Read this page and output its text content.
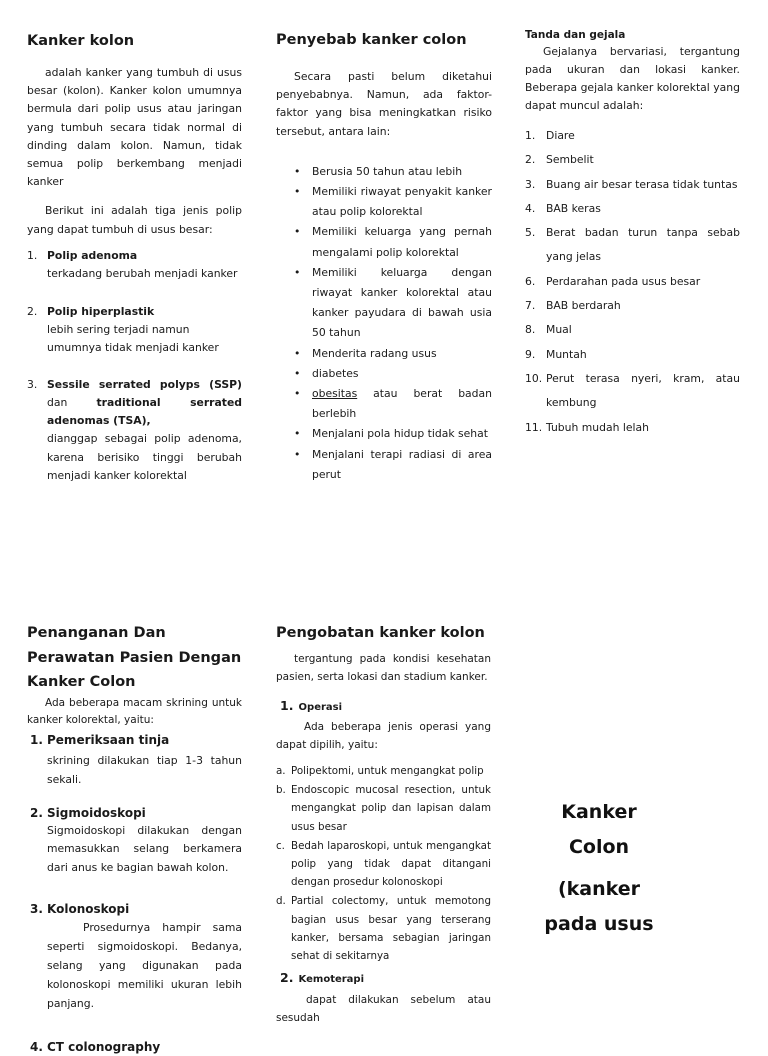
Kanker kolon

adalah kanker yang tumbuh di usus besar (kolon). Kanker kolon umumnya bermula dari polip usus atau jaringan yang tumbuh secara tidak normal di dinding dalam kolon. Namun, tidak semua polip berkembang menjadi kanker

Berikut ini adalah tiga jenis polip yang dapat tumbuh di usus besar:

1. Polip adenoma
terkadang berubah menjadi kanker
2. Polip hiperplastik
lebih sering terjadi namun umumnya tidak menjadi kanker
3. Sessile serrated polyps (SSP) dan traditional serrated adenomas (TSA),
dianggap sebagai polip adenoma, karena berisiko tinggi berubah menjadi kanker kolorektal
Penyebab kanker colon

Secara pasti belum diketahui penyebabnya. Namun, ada faktor-faktor yang bisa meningkatkan risiko tersebut, antara lain:

• Berusia 50 tahun atau lebih
• Memiliki riwayat penyakit kanker atau polip kolorektal
• Memiliki keluarga yang pernah mengalami polip kolorektal
• Memiliki keluarga dengan riwayat kanker kolorektal atau kanker payudara di bawah usia 50 tahun
• Menderita radang usus
• diabetes
• obesitas atau berat badan berlebih
• Menjalani pola hidup tidak sehat
• Menjalani terapi radiasi di area perut
Tanda dan gejala

Gejalanya bervariasi, tergantung pada ukuran dan lokasi kanker. Beberapa gejala kanker kolorektal yang dapat muncul adalah:

1. Diare
2. Sembelit
3. Buang air besar terasa tidak tuntas
4. BAB keras
5. Berat badan turun tanpa sebab yang jelas
6. Perdarahan pada usus besar
7. BAB berdarah
8. Mual
9. Muntah
10. Perut terasa nyeri, kram, atau kembung
11. Tubuh mudah lelah
Penanganan Dan Perawatan Pasien Dengan Kanker Colon

Ada beberapa macam skrining untuk kanker kolorektal, yaitu:

1. Pemeriksaan tinja
skrining dilakukan tiap 1-3 tahun sekali.
2. Sigmoidoskopi
Sigmoidoskopi dilakukan dengan memasukkan selang berkamera dari anus ke bagian bawah kolon.
3. Kolonoskopi
Prosedurnya hampir sama seperti sigmoidoskopi. Bedanya, selang yang digunakan pada kolonoskopi memiliki ukuran lebih panjang.
4. CT colonography
Pengobatan kanker kolon

tergantung pada kondisi kesehatan pasien, serta lokasi dan stadium kanker.

1. Operasi

Ada beberapa jenis operasi yang dapat dipilih, yaitu:

a. Polipektomi, untuk mengangkat polip
b. Endoscopic mucosal resection, untuk mengangkat polip dan lapisan dalam usus besar
c. Bedah laparoskopi, untuk mengangkat polip yang tidak dapat ditangani dengan prosedur kolonoskopi
d. Partial colectomy, untuk memotong bagian usus besar yang terserang kanker, bersama sebagian jaringan sehat di sekitarnya
2. Kemoterapi

dapat dilakukan sebelum atau sesudah

Kanker
Colon
(kanker
pada usus
